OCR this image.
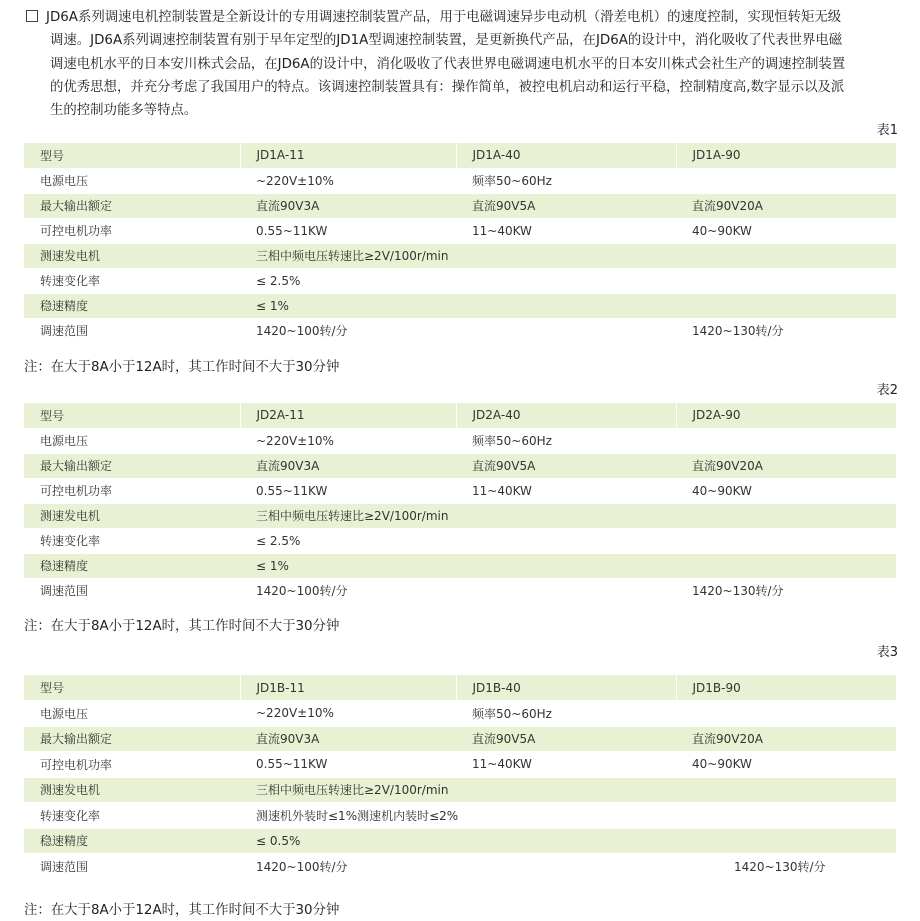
JD6A系列调速电机控制装置是全新设计的专用调速控制装置产品，用于电磁调速异步电动机（滑差电机）的速度控制，实现恒转矩无级
调速。JD6A系列调速控制装置有别于早年定型的JD1A型调速控制装置，是更新换代产品，在JD6A的设计中，消化吸收了代表世界电磁
调速电机水平的日本安川株式会品，在JD6A的设计中，消化吸收了代表世界电磁调速电机水平的日本安川株式会社生产的调速控制装置
的优秀思想，并充分考虑了我国用户的特点。该调速控制装置具有：操作简单，被控电机启动和运行平稳，控制精度高,数字显示以及派
生的控制功能多等特点。
表1
型号	JD1A-11	JD1A-40	JD1A-90
电源电压	~220V±10%	频率50~60Hz	
最大输出额定	直流90V3A	直流90V5A	直流90V20A
可控电机功率	0.55~11KW	11~40KW	40~90KW
测速发电机	三相中频电压转速比≥2V/100r/min		
转速变化率	≤ 2.5%		
稳速精度	≤ 1%		
调速范围	1420~100转/分		1420~130转/分
注：在大于8A小于12A时，其工作时间不大于30分钟
表2
型号	JD2A-11	JD2A-40	JD2A-90
电源电压	~220V±10%	频率50~60Hz	
最大输出额定	直流90V3A	直流90V5A	直流90V20A
可控电机功率	0.55~11KW	11~40KW	40~90KW
测速发电机	三相中频电压转速比≥2V/100r/min		
转速变化率	≤ 2.5%		
稳速精度	≤ 1%		
调速范围	1420~100转/分		1420~130转/分
注：在大于8A小于12A时，其工作时间不大于30分钟
表3
型号	JD1B-11	JD1B-40	JD1B-90
电源电压	~220V±10%	频率50~60Hz	
最大输出额定	直流90V3A	直流90V5A	直流90V20A
可控电机功率	0.55~11KW	11~40KW	40~90KW
测速发电机	三相中频电压转速比≥2V/100r/min		
转速变化率	测速机外装时≤1%测速机内装时≤2%		
稳速精度	≤ 0.5%		
调速范围	1420~100转/分		1420~130转/分
注：在大于8A小于12A时，其工作时间不大于30分钟
